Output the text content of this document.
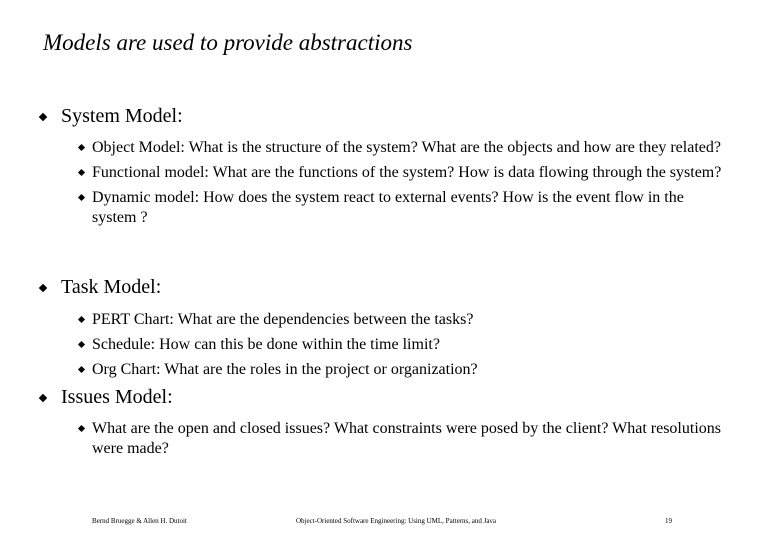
Models are used to provide abstractions
System Model:
Object Model: What is the structure of the system? What are the objects and how are they related?
Functional model: What are the functions of the system? How is data flowing through the system?
Dynamic model: How does the system react to external events? How is the event flow in the system ?
Task Model:
PERT Chart: What are the dependencies between the tasks?
Schedule: How can this be done within the time limit?
Org Chart: What are the roles in the project or organization?
Issues Model:
What are the open and closed issues? What constraints were posed by the client? What resolutions were made?
Bernd Bruegge & Allen H. Dutoit	Object-Oriented Software Engineering: Using UML, Patterns, and Java	19
